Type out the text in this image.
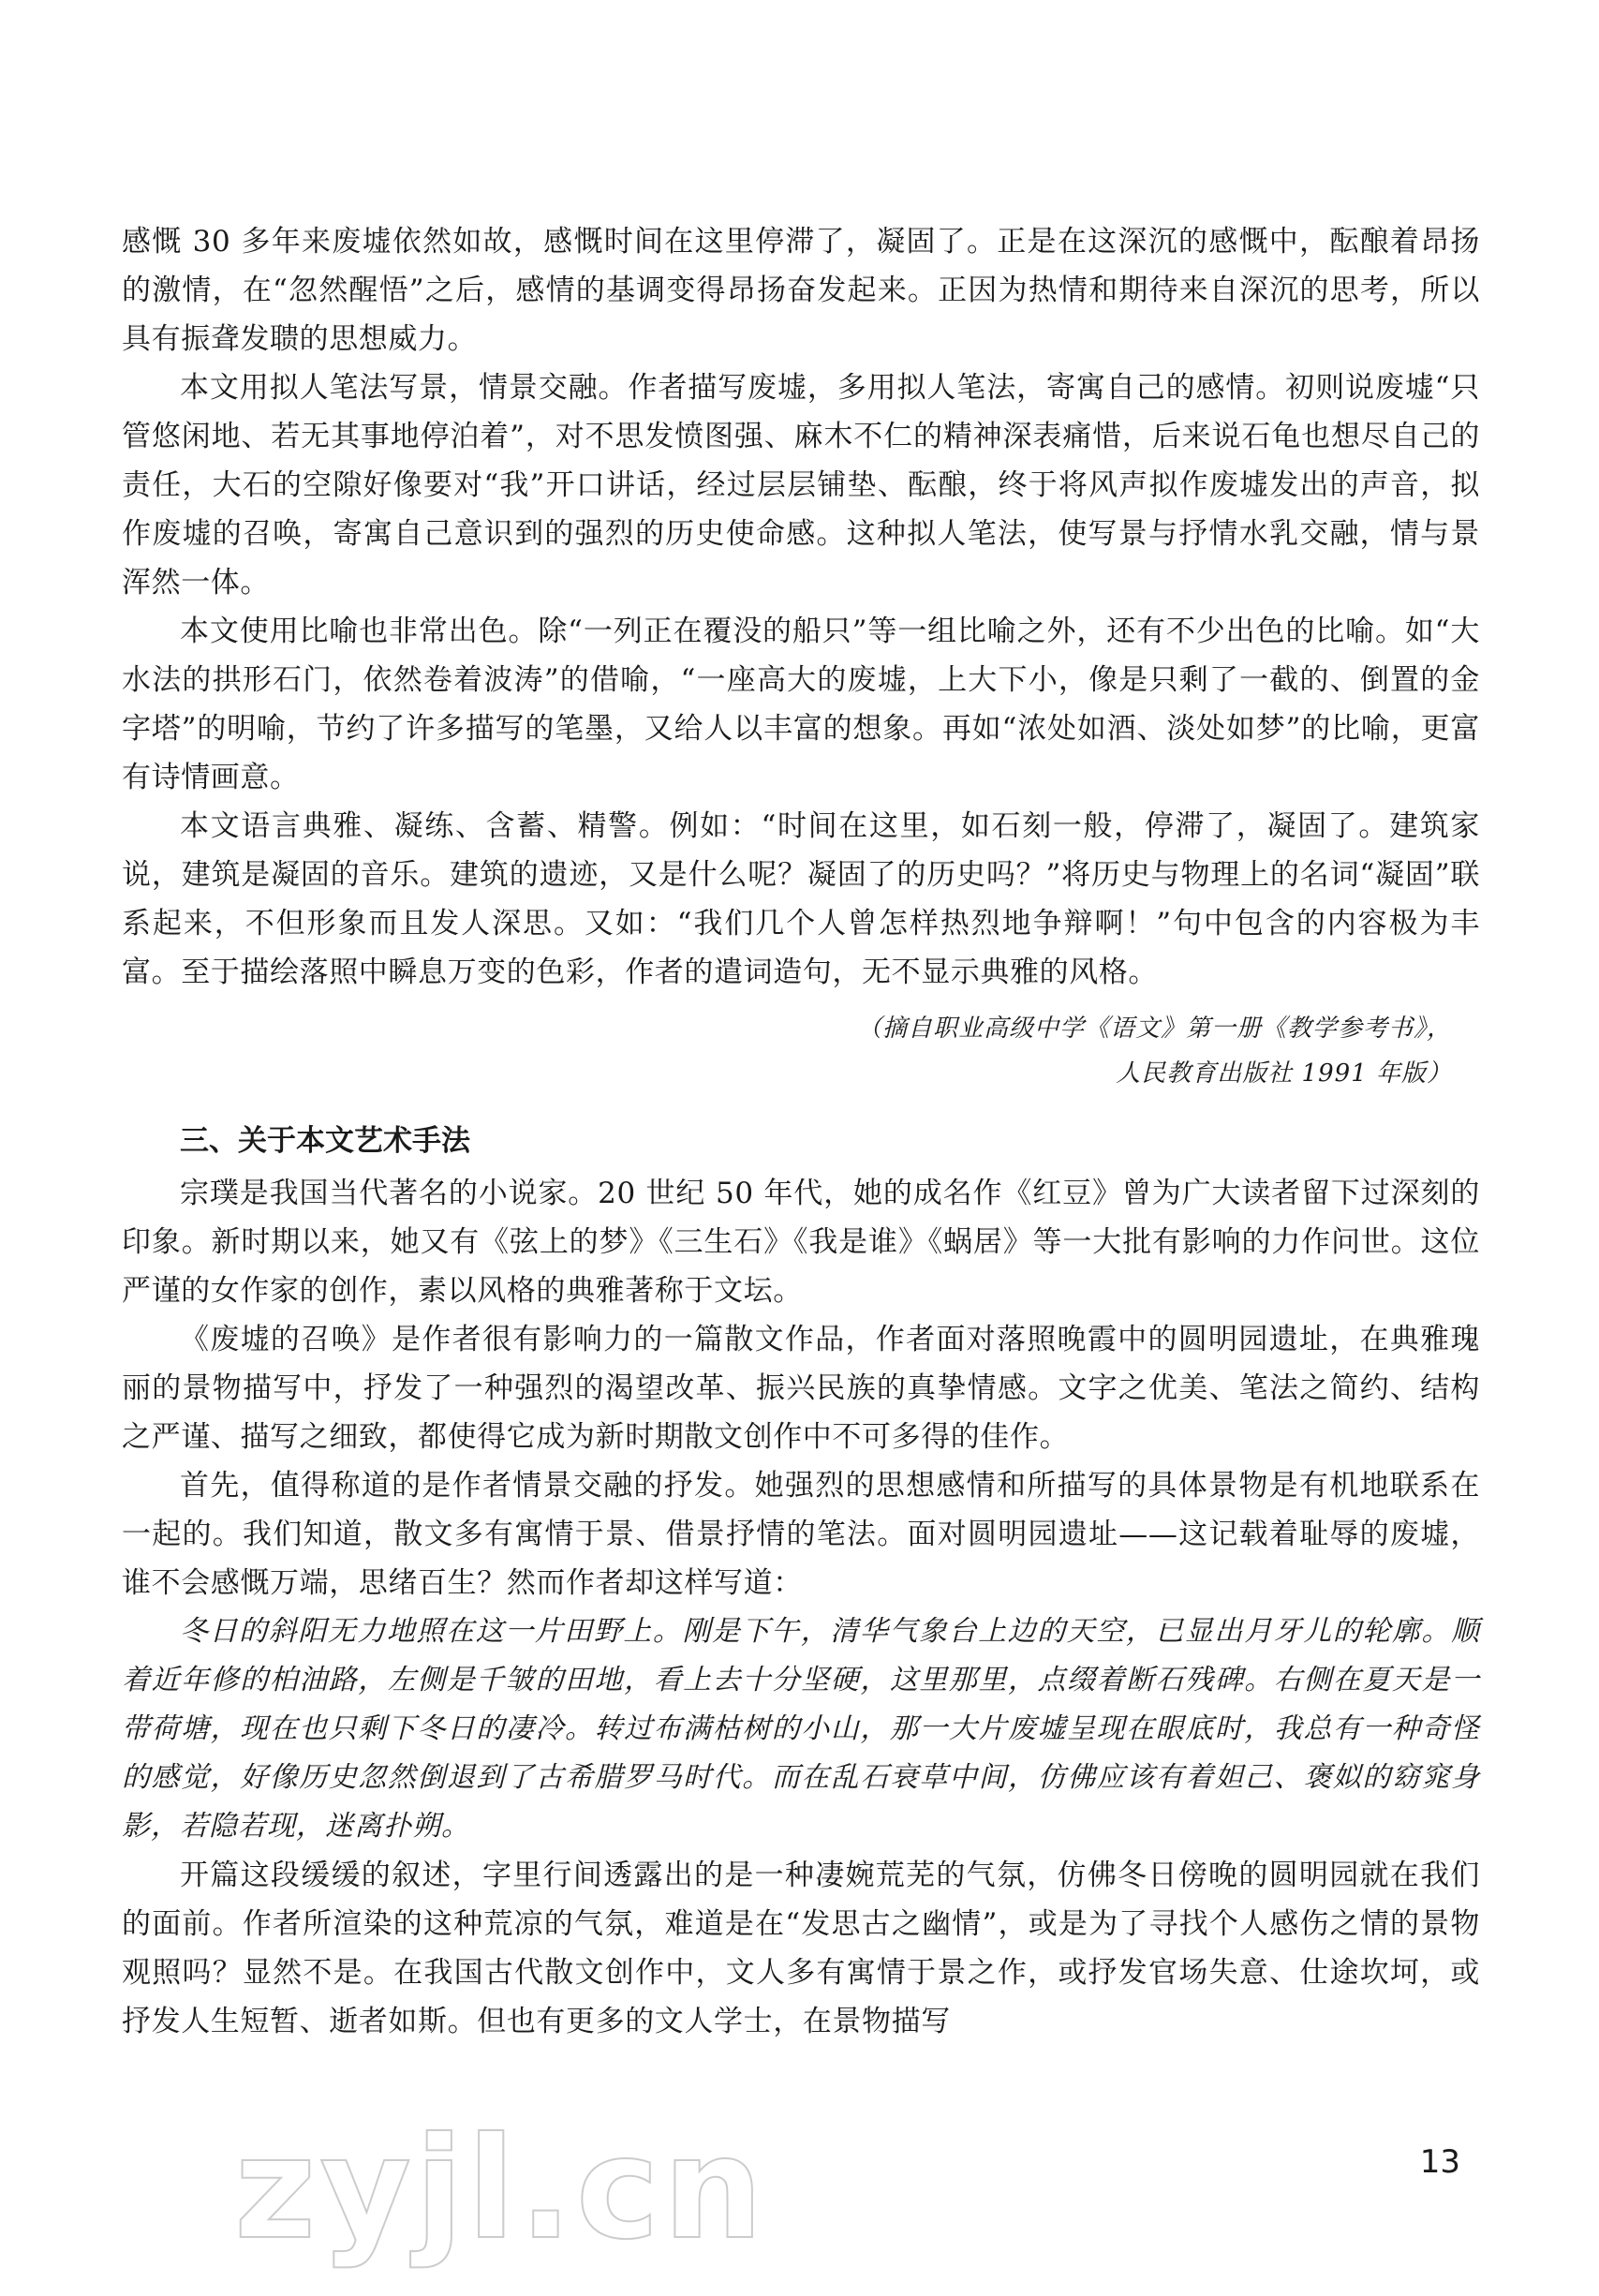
感慨 30 多年来废墟依然如故，感慨时间在这里停滞了，凝固了。正是在这深沉的感慨中，酝酿着昂扬的激情，在“忽然醒悟”之后，感情的基调变得昂扬奋发起来。正因为热情和期待来自深沉的思考，所以具有振聋发聩的思想威力。

本文用拟人笔法写景，情景交融。作者描写废墟，多用拟人笔法，寄寓自己的感情。初则说废墟“只管悠闲地、若无其事地停泊着”，对不思发愤图强、麻木不仁的精神深表痛惜，后来说石龟也想尽自己的责任，大石的空隙好像要对“我”开口讲话，经过层层铺垫、酝酿，终于将风声拟作废墟发出的声音，拟作废墟的召唤，寄寓自己意识到的强烈的历史使命感。这种拟人笔法，使写景与抒情水乳交融，情与景浑然一体。

本文使用比喻也非常出色。除“一列正在覆没的船只”等一组比喻之外，还有不少出色的比喻。如“大水法的拱形石门，依然卷着波涛”的借喻，“一座高大的废墟，上大下小，像是只剩了一截的、倒置的金字塔”的明喻，节约了许多描写的笔墨，又给人以丰富的想象。再如“浓处如酒、淡处如梦”的比喻，更富有诗情画意。

本文语言典雅、凝练、含蓄、精警。例如：“时间在这里，如石刻一般，停滞了，凝固了。建筑家说，建筑是凝固的音乐。建筑的遗迹，又是什么呢？凝固了的历史吗？”将历史与物理上的名词“凝固”联系起来，不但形象而且发人深思。又如：“我们几个人曾怎样热烈地争辩啊！”句中包含的内容极为丰富。至于描绘落照中瞬息万变的色彩，作者的遣词造句，无不显示典雅的风格。

（摘自职业高级中学《语文》第一册《教学参考书》，
人民教育出版社 1991 年版）
三、关于本文艺术手法

宗璞是我国当代著名的小说家。20 世纪 50 年代，她的成名作《红豆》曾为广大读者留下过深刻的印象。新时期以来，她又有《弦上的梦》《三生石》《我是谁》《蜗居》等一大批有影响的力作问世。这位严谨的女作家的创作，素以风格的典雅著称于文坛。

《废墟的召唤》是作者很有影响力的一篇散文作品，作者面对落照晚霞中的圆明园遗址，在典雅瑰丽的景物描写中，抒发了一种强烈的渴望改革、振兴民族的真挚情感。文字之优美、笔法之简约、结构之严谨、描写之细致，都使得它成为新时期散文创作中不可多得的佳作。

首先，值得称道的是作者情景交融的抒发。她强烈的思想感情和所描写的具体景物是有机地联系在一起的。我们知道，散文多有寓情于景、借景抒情的笔法。面对圆明园遗址——这记载着耻辱的废墟，谁不会感慨万端，思绪百生？然而作者却这样写道：

冬日的斜阳无力地照在这一片田野上。刚是下午，清华气象台上边的天空，已显出月牙儿的轮廓。顺着近年修的柏油路，左侧是千皱的田地，看上去十分坚硬，这里那里，点缀着断石残碑。右侧在夏天是一带荷塘，现在也只剩下冬日的凄冷。转过布满枯树的小山，那一大片废墟呈现在眼底时，我总有一种奇怪的感觉，好像历史忽然倒退到了古希腊罗马时代。而在乱石衰草中间，仿佛应该有着妲己、褒姒的窈窕身影，若隐若现，迷离扑朔。

开篇这段缓缓的叙述，字里行间透露出的是一种凄婉荒芜的气氛，仿佛冬日傍晚的圆明园就在我们的面前。作者所渲染的这种荒凉的气氛，难道是在“发思古之幽情”，或是为了寻找个人感伤之情的景物观照吗？显然不是。在我国古代散文创作中，文人多有寓情于景之作，或抒发官场失意、仕途坎坷，或抒发人生短暂、逝者如斯。但也有更多的文人学士，在景物描写

zyjl.cn	13
